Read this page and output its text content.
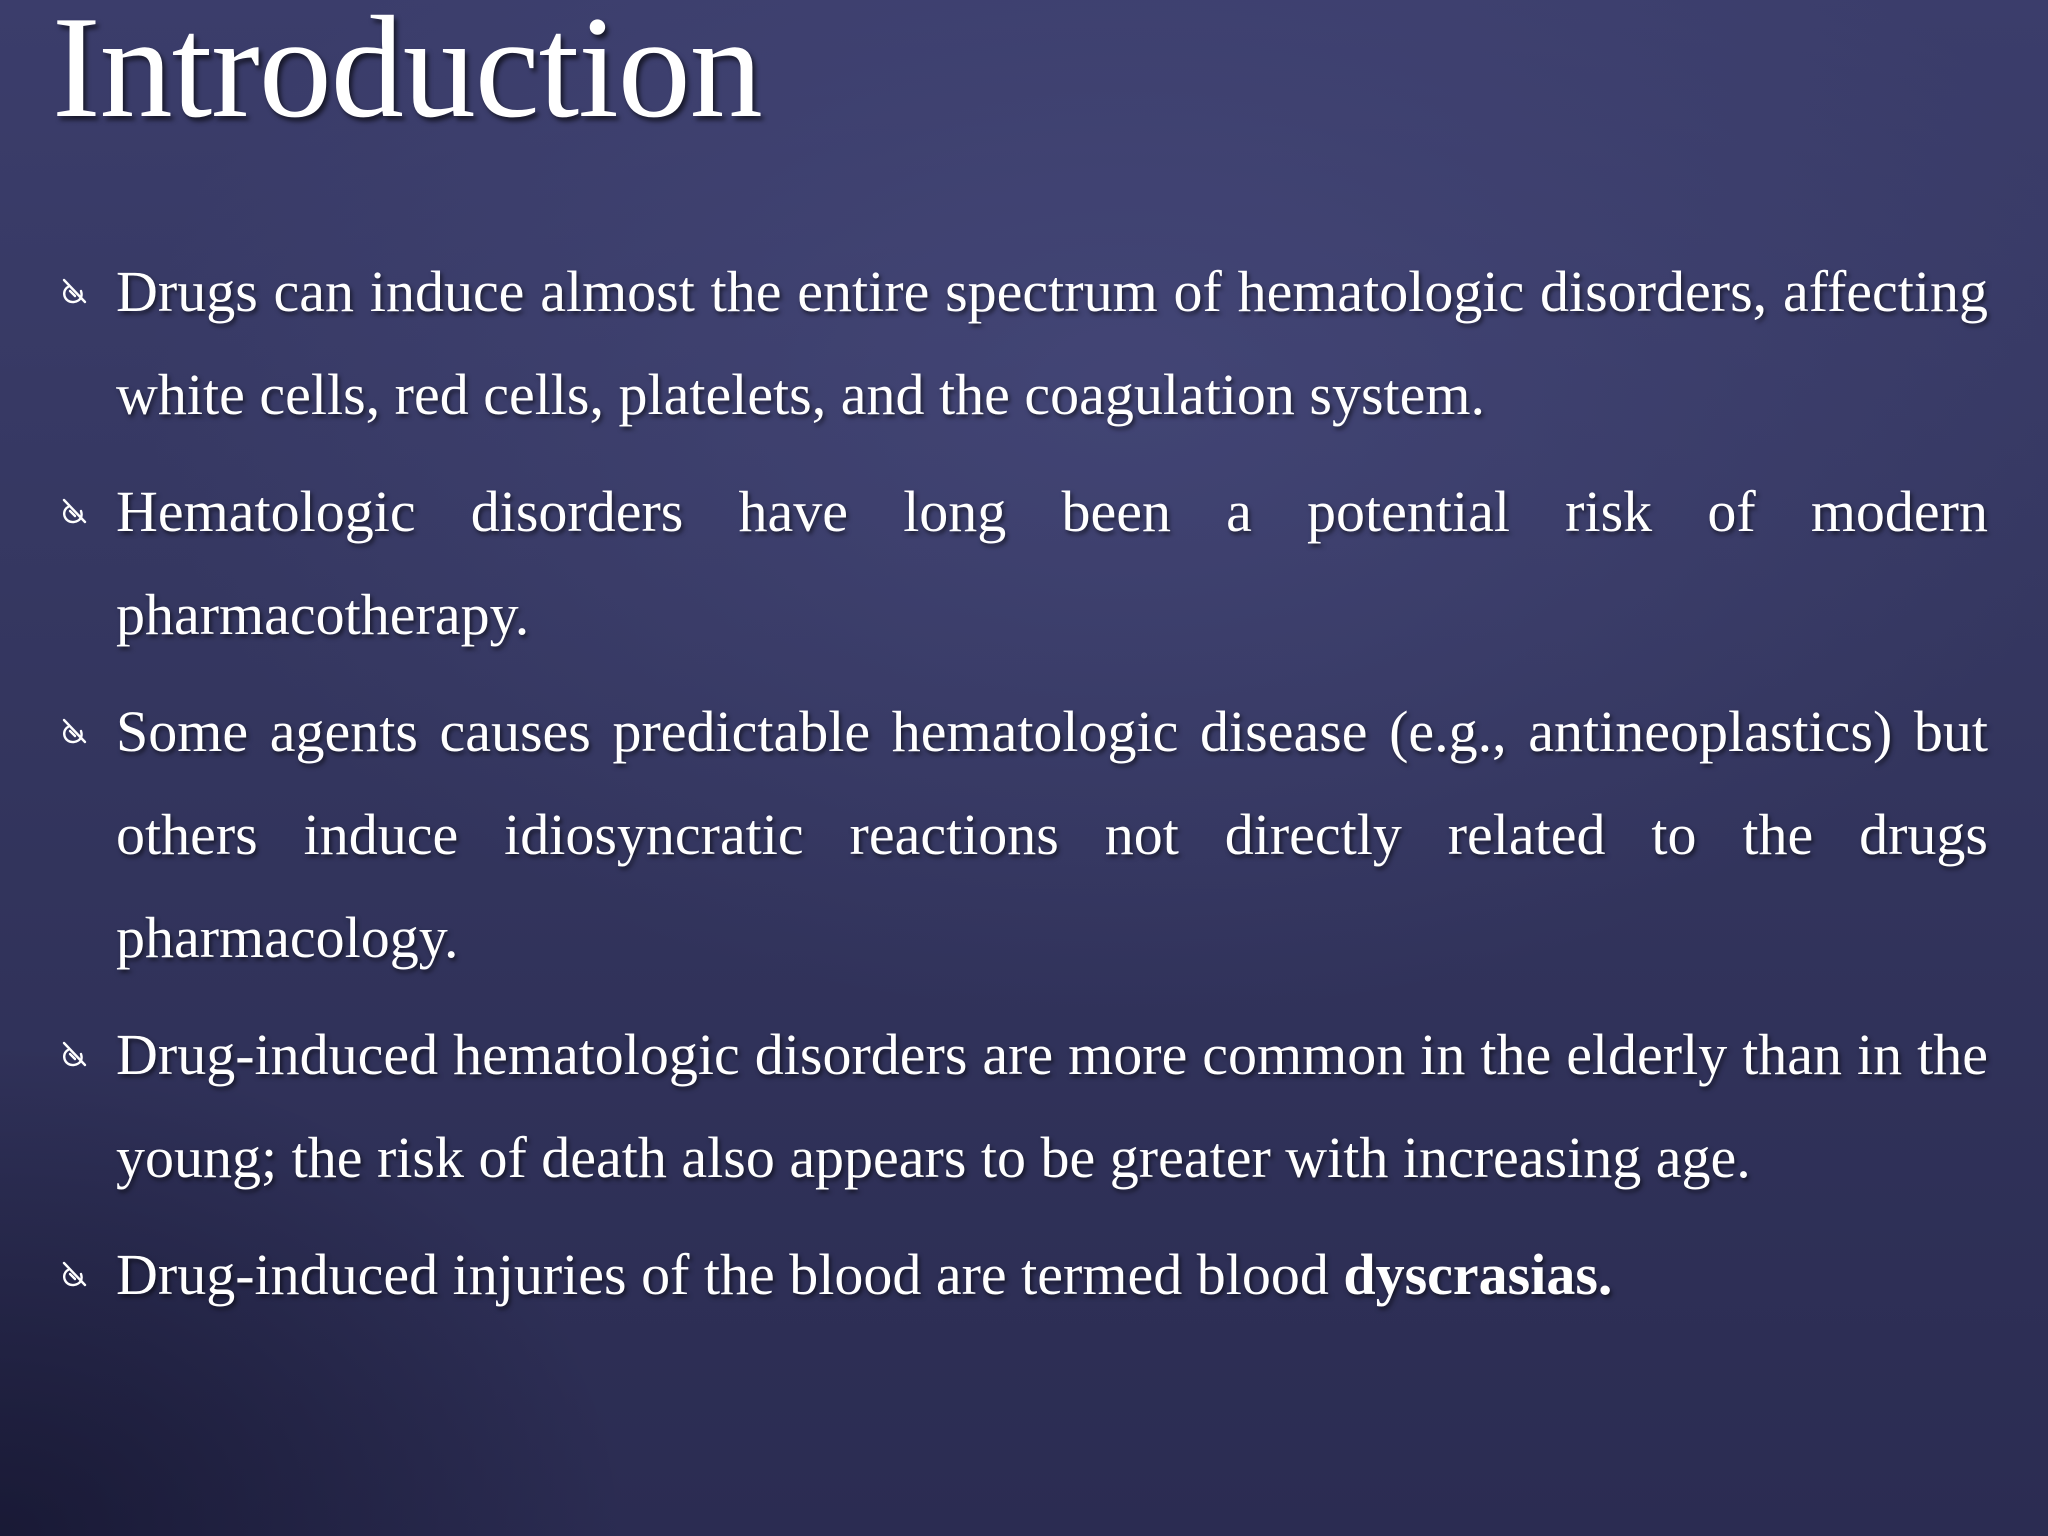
Introduction
Drugs can induce almost the entire spectrum of hematologic disorders, affecting white cells, red cells, platelets, and the coagulation system.
Hematologic disorders have long been a potential risk of modern pharmacotherapy.
Some agents causes predictable hematologic disease (e.g., antineoplastics) but others induce idiosyncratic reactions not directly related to the drugs pharmacology.
Drug-induced hematologic disorders are more common in the elderly than in the young; the risk of death also appears to be greater with increasing age.
Drug-induced injuries of the blood are termed blood dyscrasias.
